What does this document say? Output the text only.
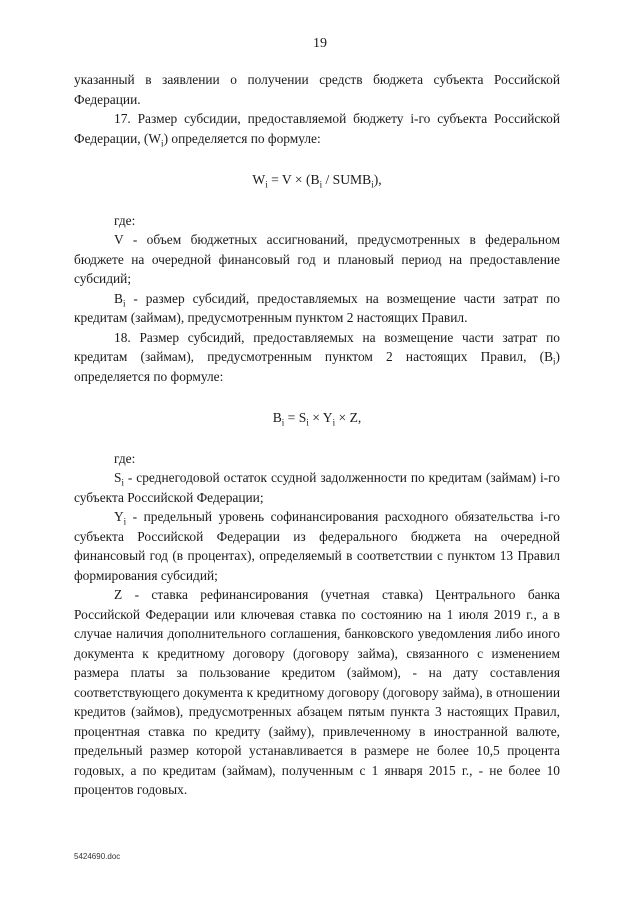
19

указанный в заявлении о получении средств бюджета субъекта Российской Федерации.

17. Размер субсидии, предоставляемой бюджету i-го субъекта Российской Федерации, $(W_i)$ определяется по формуле:

$W_i = V \times (B_i$ / $SUMB_i$),

где:

V - объем бюджетных ассигнований, предусмотренных в федеральном бюджете на очередной финансовый год и плановый период на предоставление субсидий;

$B_i$ - размер субсидий, предоставляемых на возмещение части затрат по кредитам (займам), предусмотренным пунктом 2 настоящих Правил.

18. Размер субсидий, предоставляемых на возмещение части затрат по кредитам (займам), предусмотренным пунктом 2 настоящих Правил, $(B_i)$ определяется по формуле:

$B_i = S_i \times Y_i \times Z$,

где:

$S_i$ - среднегодовой остаток ссудной задолженности по кредитам (займам) i-го субъекта Российской Федерации;

$Y_i$ - предельный уровень софинансирования расходного обязательства i-го субъекта Российской Федерации из федерального бюджета на очередной финансовый год (в процентах), определяемый в соответствии с пунктом 13 Правил формирования субсидий;

Z - ставка рефинансирования (учетная ставка) Центрального банка Российской Федерации или ключевая ставка по состоянию на 1 июля 2019 г., а в случае наличия дополнительного соглашения, банковского уведомления либо иного документа к кредитному договору (договору займа), связанного с изменением размера платы за пользование кредитом (займом), - на дату составления соответствующего документа к кредитному договору (договору займа), в отношении кредитов (займов), предусмотренных абзацем пятым пункта 3 настоящих Правил, процентная ставка по кредиту (займу), привлеченному в иностранной валюте, предельный размер которой устанавливается в размере не более 10,5 процента годовых, а по кредитам (займам), полученным с 1 января 2015 г., - не более 10 процентов годовых.

5424690.doc
